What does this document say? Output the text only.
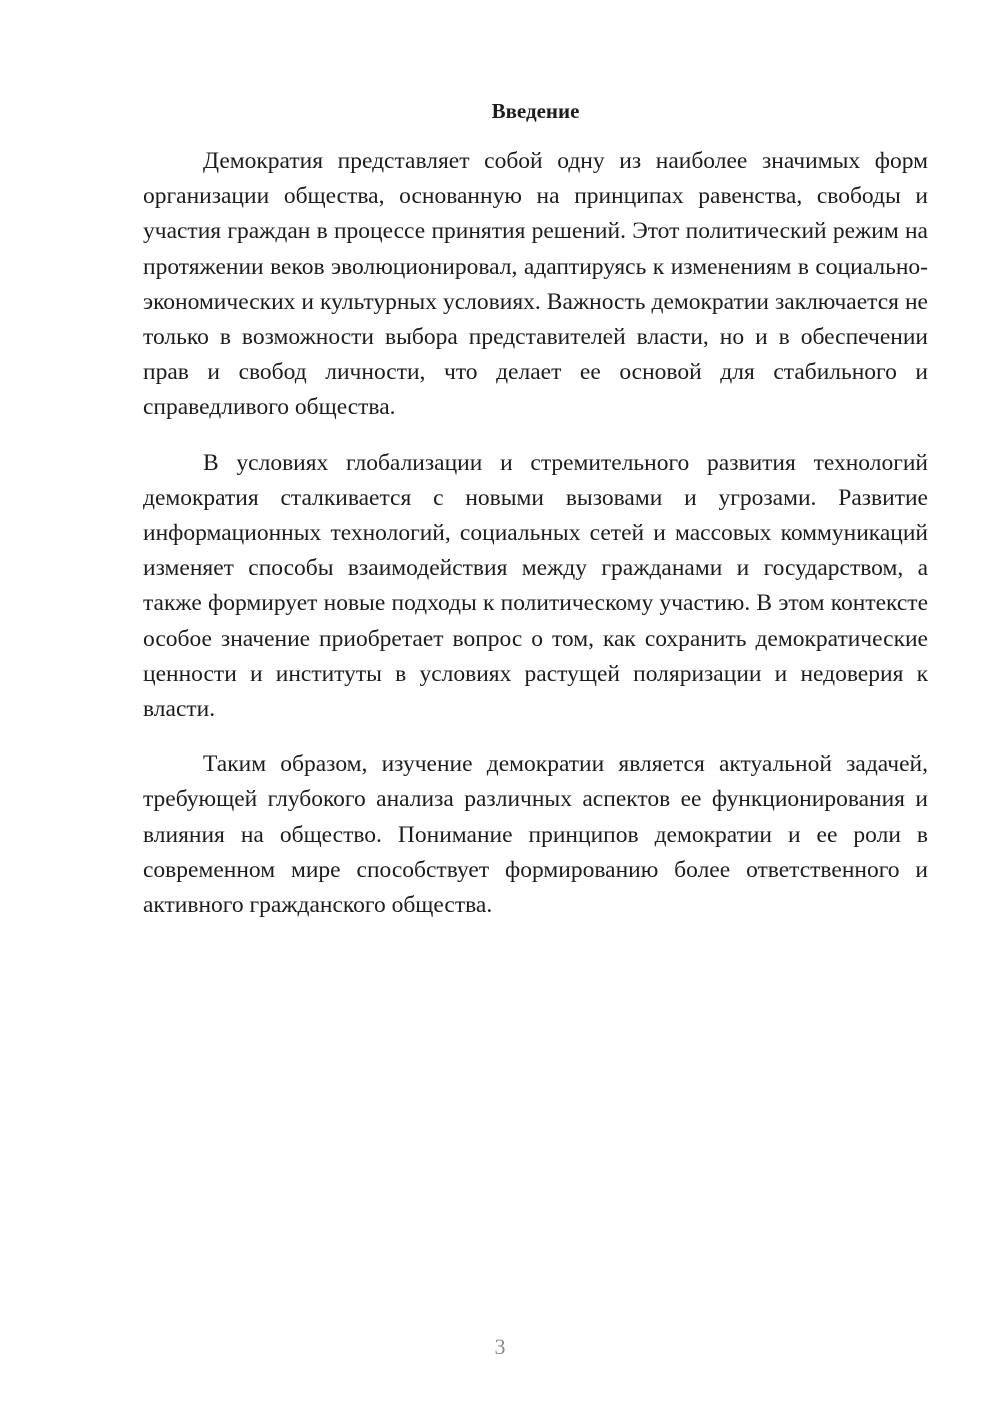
Введение

Демократия представляет собой одну из наиболее значимых форм организации общества, основанную на принципах равенства, свободы и участия граждан в процессе принятия решений. Этот политический режим на протяжении веков эволюционировал, адаптируясь к изменениям в социально-экономических и культурных условиях. Важность демократии заключается не только в возможности выбора представителей власти, но и в обеспечении прав и свобод личности, что делает ее основой для стабильного и справедливого общества.

В условиях глобализации и стремительного развития технологий демократия сталкивается с новыми вызовами и угрозами. Развитие информационных технологий, социальных сетей и массовых коммуникаций изменяет способы взаимодействия между гражданами и государством, а также формирует новые подходы к политическому участию. В этом контексте особое значение приобретает вопрос о том, как сохранить демократические ценности и институты в условиях растущей поляризации и недоверия к власти.

Таким образом, изучение демократии является актуальной задачей, требующей глубокого анализа различных аспектов ее функционирования и влияния на общество. Понимание принципов демократии и ее роли в современном мире способствует формированию более ответственного и активного гражданского общества.

3
